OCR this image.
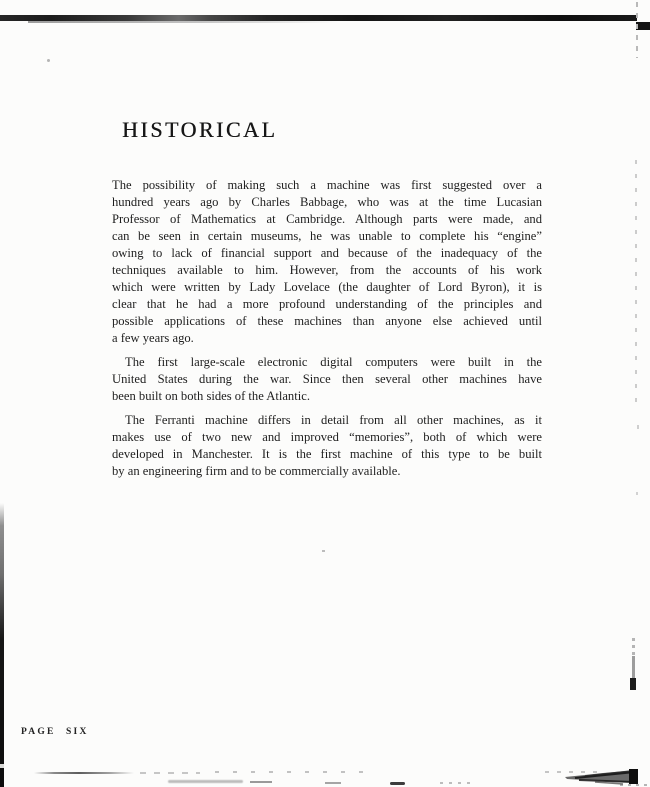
HISTORICAL
The possibility of making such a machine was first suggested over a
hundred years ago by Charles Babbage, who was at the time Lucasian
Professor of Mathematics at Cambridge. Although parts were made, and
can be seen in certain museums, he was unable to complete his “engine”
owing to lack of financial support and because of the inadequacy of the
techniques available to him. However, from the accounts of his work
which were written by Lady Lovelace (the daughter of Lord Byron), it is
clear that he had a more profound understanding of the principles and
possible applications of these machines than anyone else achieved until
a few years ago.
The first large-scale electronic digital computers were built in the
United States during the war. Since then several other machines have
been built on both sides of the Atlantic.
The Ferranti machine differs in detail from all other machines, as it
makes use of two new and improved “memories”, both of which were
developed in Manchester. It is the first machine of this type to be built
by an engineering firm and to be commercially available.
PAGE SIX
